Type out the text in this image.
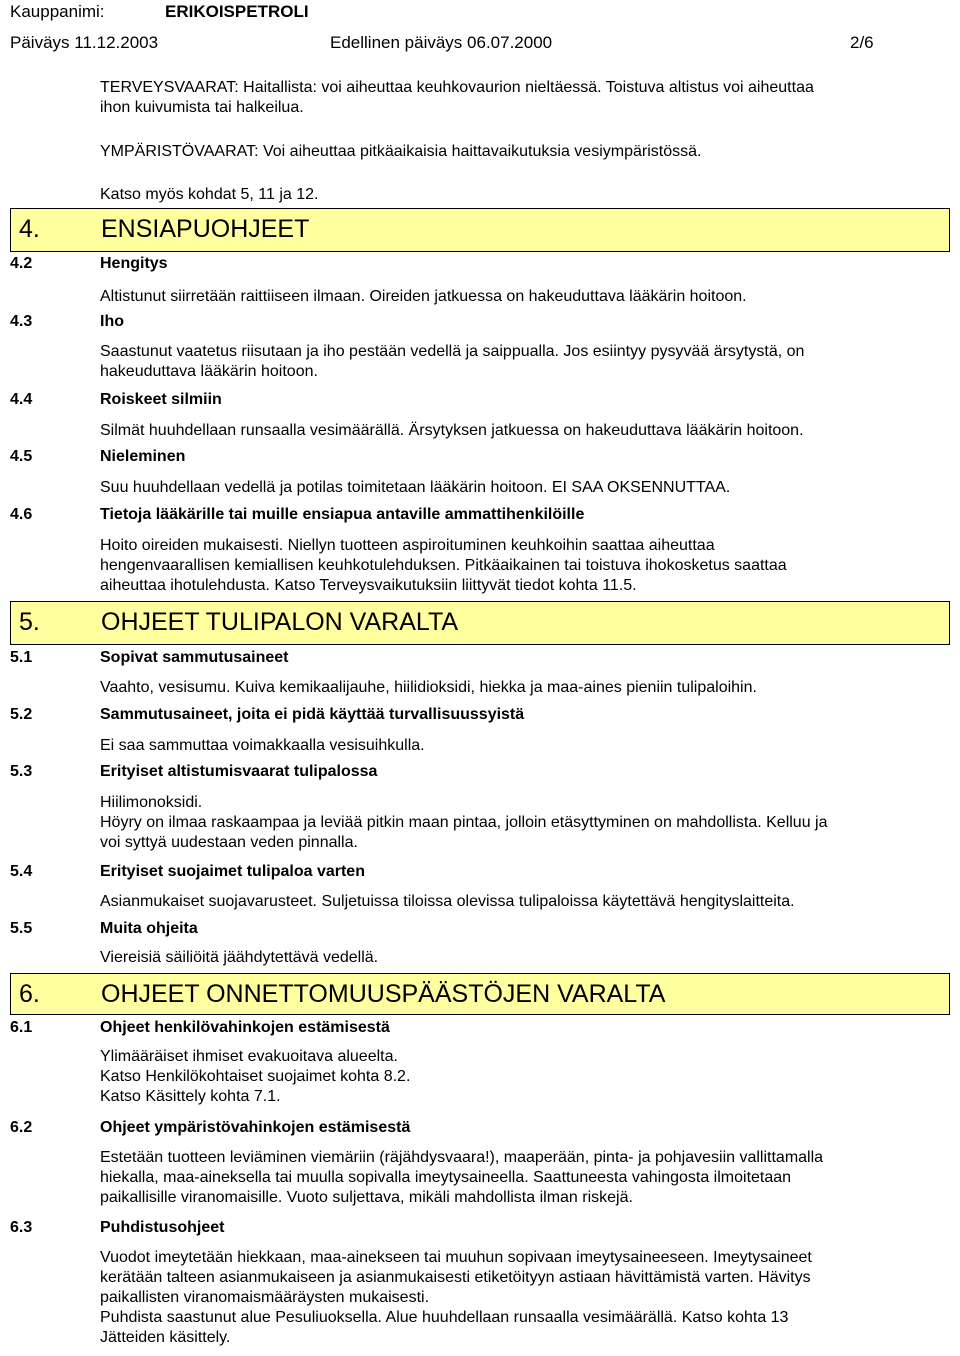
Kauppanimi:	ERIKOISPETROLI
Päiväys 11.12.2003	Edellinen päiväys 06.07.2000	2/6
TERVEYSVAARAT: Haitallista: voi aiheuttaa keuhkovaurion nieltäessä. Toistuva altistus voi aiheuttaa
ihon kuivumista tai halkeilua.
YMPÄRISTÖVAARAT: Voi aiheuttaa pitkäaikaisia haittavaikutuksia vesiympäristössä.
Katso myös kohdat 5, 11 ja 12.
4. ENSIAPUOHJEET
4.2	Hengitys
Altistunut siirretään raittiiseen ilmaan. Oireiden jatkuessa on hakeuduttava lääkärin hoitoon.
4.3	Iho
Saastunut vaatetus riisutaan ja iho pestään vedellä ja saippualla. Jos esiintyy pysyvää ärsytystä, on
hakeuduttava lääkärin hoitoon.
4.4	Roiskeet silmiin
Silmät huuhdellaan runsaalla vesimäärällä. Ärsytyksen jatkuessa on hakeuduttava lääkärin hoitoon.
4.5	Nieleminen
Suu huuhdellaan vedellä ja potilas toimitetaan lääkärin hoitoon. EI SAA OKSENNUTTAA.
4.6	Tietoja lääkärille tai muille ensiapua antaville ammattihenkilöille
Hoito oireiden mukaisesti. Niellyn tuotteen aspiroituminen keuhkoihin saattaa aiheuttaa
hengenvaarallisen kemiallisen keuhkotulehduksen. Pitkäaikainen tai toistuva ihokosketus saattaa
aiheuttaa ihotulehdusta. Katso Terveysvaikutuksiin liittyvät tiedot kohta 11.5.
5. OHJEET TULIPALON VARALTA
5.1	Sopivat sammutusaineet
Vaahto, vesisumu. Kuiva kemikaalijauhe, hiilidioksidi, hiekka ja maa-aines pieniin tulipaloihin.
5.2	Sammutusaineet, joita ei pidä käyttää turvallisuussyistä
Ei saa sammuttaa voimakkaalla vesisuihkulla.
5.3	Erityiset altistumisvaarat tulipalossa
Hiilimonoksidi.
Höyry on ilmaa raskaampaa ja leviää pitkin maan pintaa, jolloin etäsyttyminen on mahdollista. Kelluu ja
voi syttyä uudestaan veden pinnalla.
5.4	Erityiset suojaimet tulipaloa varten
Asianmukaiset suojavarusteet. Suljetuissa tiloissa olevissa tulipaloissa käytettävä hengityslaitteita.
5.5	Muita ohjeita
Viereisiä säiliöitä jäähdytettävä vedellä.
6. OHJEET ONNETTOMUUSPÄÄSTÖJEN VARALTA
6.1	Ohjeet henkilövahinkojen estämisestä
Ylimääräiset ihmiset evakuoitava alueelta.
Katso Henkilökohtaiset suojaimet kohta 8.2.
Katso Käsittely kohta 7.1.
6.2	Ohjeet ympäristövahinkojen estämisestä
Estetään tuotteen leviäminen viemäriin (räjähdysvaara!), maaperään, pinta- ja pohjavesiin vallittamalla
hiekalla, maa-aineksella tai muulla sopivalla imeytysaineella. Saattuneesta vahingosta ilmoitetaan
paikallisille viranomaisille. Vuoto suljettava, mikäli mahdollista ilman riskejä.
6.3	Puhdistusohjeet
Vuodot imeytetään hiekkaan, maa-ainekseen tai muuhun sopivaan imeytysaineeseen. Imeytysaineet
kerätään talteen asianmukaiseen ja asianmukaisesti etiketöityyn astiaan hävittämistä varten. Hävitys
paikallisten viranomaismääräysten mukaisesti.
Puhdista saastunut alue Pesuliuoksella. Alue huuhdellaan runsaalla vesimäärällä. Katso kohta 13
Jätteiden käsittely.
